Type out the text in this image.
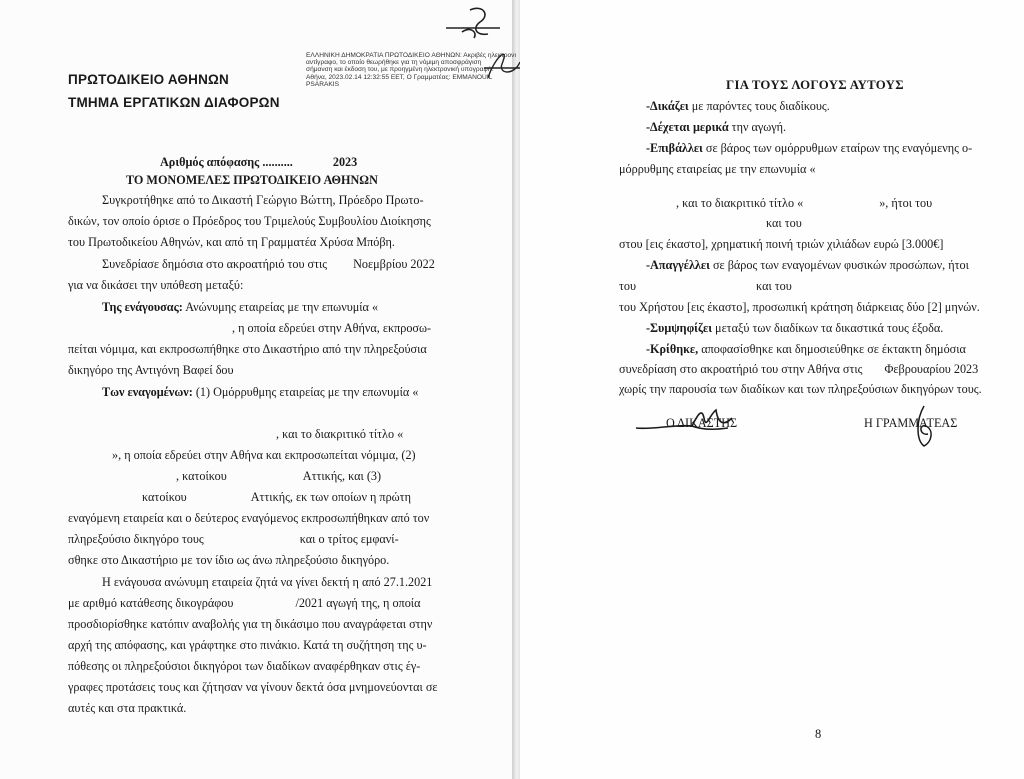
ΠΡΩΤΟΔΙΚΕΙΟ ΑΘΗΝΩΝ
ΤΜΗΜΑ ΕΡΓΑΤΙΚΩΝ ΔΙΑΦΟΡΩΝ
Αριθμός απόφασης ..........	2023
ΤΟ ΜΟΝΟΜΕΛΕΣ ΠΡΩΤΟΔΙΚΕΙΟ ΑΘΗΝΩΝ
Συγκροτήθηκε από το Δικαστή Γεώργιο Βώττη, Πρόεδρο Πρωτο-
δικών, τον οποίο όρισε ο Πρόεδρος του Τριμελούς Συμβουλίου Διοίκησης
του Πρωτοδικείου Αθηνών, και από τη Γραμματέα Χρύσα Μπόβη.
Συνεδρίασε δημόσια στο ακροατήριό του στις Νοεμβρίου 2022
για να δικάσει την υπόθεση μεταξύ:
Της ενάγουσας: Ανώνυμης εταιρείας με την επωνυμία «
, η οποία εδρεύει στην Αθήνα, εκπροσω-
πείται νόμιμα, και εκπροσωπήθηκε στο Δικαστήριο από την πληρεξούσια
δικηγόρο της Αντιγόνη Βαφεί δου
Των εναγομένων: (1) Ομόρρυθμης εταιρείας με την επωνυμία «
, και το διακριτικό τίτλο «
», η οποία εδρεύει στην Αθήνα και εκπροσωπείται νόμιμα, (2)
, κατοίκου	Αττικής, και (3)
κατοίκου	Αττικής, εκ των οποίων η πρώτη
εναγόμενη εταιρεία και ο δεύτερος εναγόμενος εκπροσωπήθηκαν από τον
πληρεξούσιο δικηγόρο τους	και ο τρίτος εμφανί-
σθηκε στο Δικαστήριο με τον ίδιο ως άνω πληρεξούσιο δικηγόρο.
Η ενάγουσα ανώνυμη εταιρεία ζητά να γίνει δεκτή η από 27.1.2021
με αριθμό κατάθεσης δικογράφου	/2021 αγωγή της, η οποία
προσδιορίσθηκε κατόπιν αναβολής για τη δικάσιμο που αναγράφεται στην
αρχή της απόφασης, και γράφτηκε στο πινάκιο. Κατά τη συζήτηση της υ-
πόθεσης οι πληρεξούσιοι δικηγόροι των διαδίκων αναφέρθηκαν στις έγ-
γραφες προτάσεις τους και ζήτησαν να γίνουν δεκτά όσα μνημονεύονται σε
αυτές και στα πρακτικά.
ΕΛΛΗΝΙΚΗ ΔΗΜΟΚΡΑΤΙΑ ΠΡΩΤΟΔΙΚΕΙΟ ΑΘΗΝΩΝ: Ακριβές ηλεκτρονι
αντίγραφο, το οποίο θεωρήθηκε για τη νόμιμη αποσφράγιση
σήμανση και έκδοση του, με προηγμένη ηλεκτρονική υπογραφή.
Αθήνα, 2023.02.14 12:32:55 EET, Ο Γραμματέας: EMMANOUIL
PSARAKIS	ΓΙΑ ΤΟΥΣ ΛΟΓΟΥΣ ΑΥΤΟΥΣ
-Δικάζει με παρόντες τους διαδίκους.
-Δέχεται μερικά την αγωγή.
-Επιβάλλει σε βάρος των ομόρρυθμων εταίρων της εναγόμενης ο-
μόρρυθμης εταιρείας με την επωνυμία «
, και το διακριτικό τίτλο «	», ήτοι του
και του
στου [εις έκαστο], χρηματική ποινή τριών χιλιάδων ευρώ [3.000€]
-Απαγγέλλει σε βάρος των εναγομένων φυσικών προσώπων, ήτοι
του	και του
του Χρήστου [εις έκαστο], προσωπική κράτηση διάρκειας δύο [2] μηνών.
-Συμψηφίζει μεταξύ των διαδίκων τα δικαστικά τους έξοδα.
-Κρίθηκε, αποφασίσθηκε και δημοσιεύθηκε σε έκτακτη δημόσια
συνεδρίαση στο ακροατήριό του στην Αθήνα στις Φεβρουαρίου 2023
χωρίς την παρουσία των διαδίκων και των πληρεξούσιων δικηγόρων τους.
Ο ΔΙΚΑΣΤΗΣ	Η ΓΡΑΜΜΑΤΕΑΣ
8
